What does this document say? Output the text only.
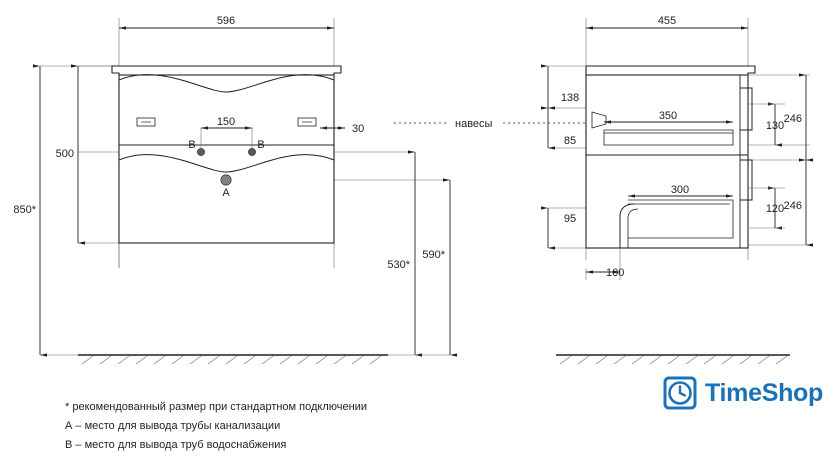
596
850*
500
B	B
A
150
30
530*
590*
навесы
455
138
85
95
350
300
130
120
246
246
100
* рекомендованный размер при стандартном подключении
А – место для вывода трубы канализации
В – место для вывода труб водоснабжения
TimeShop
